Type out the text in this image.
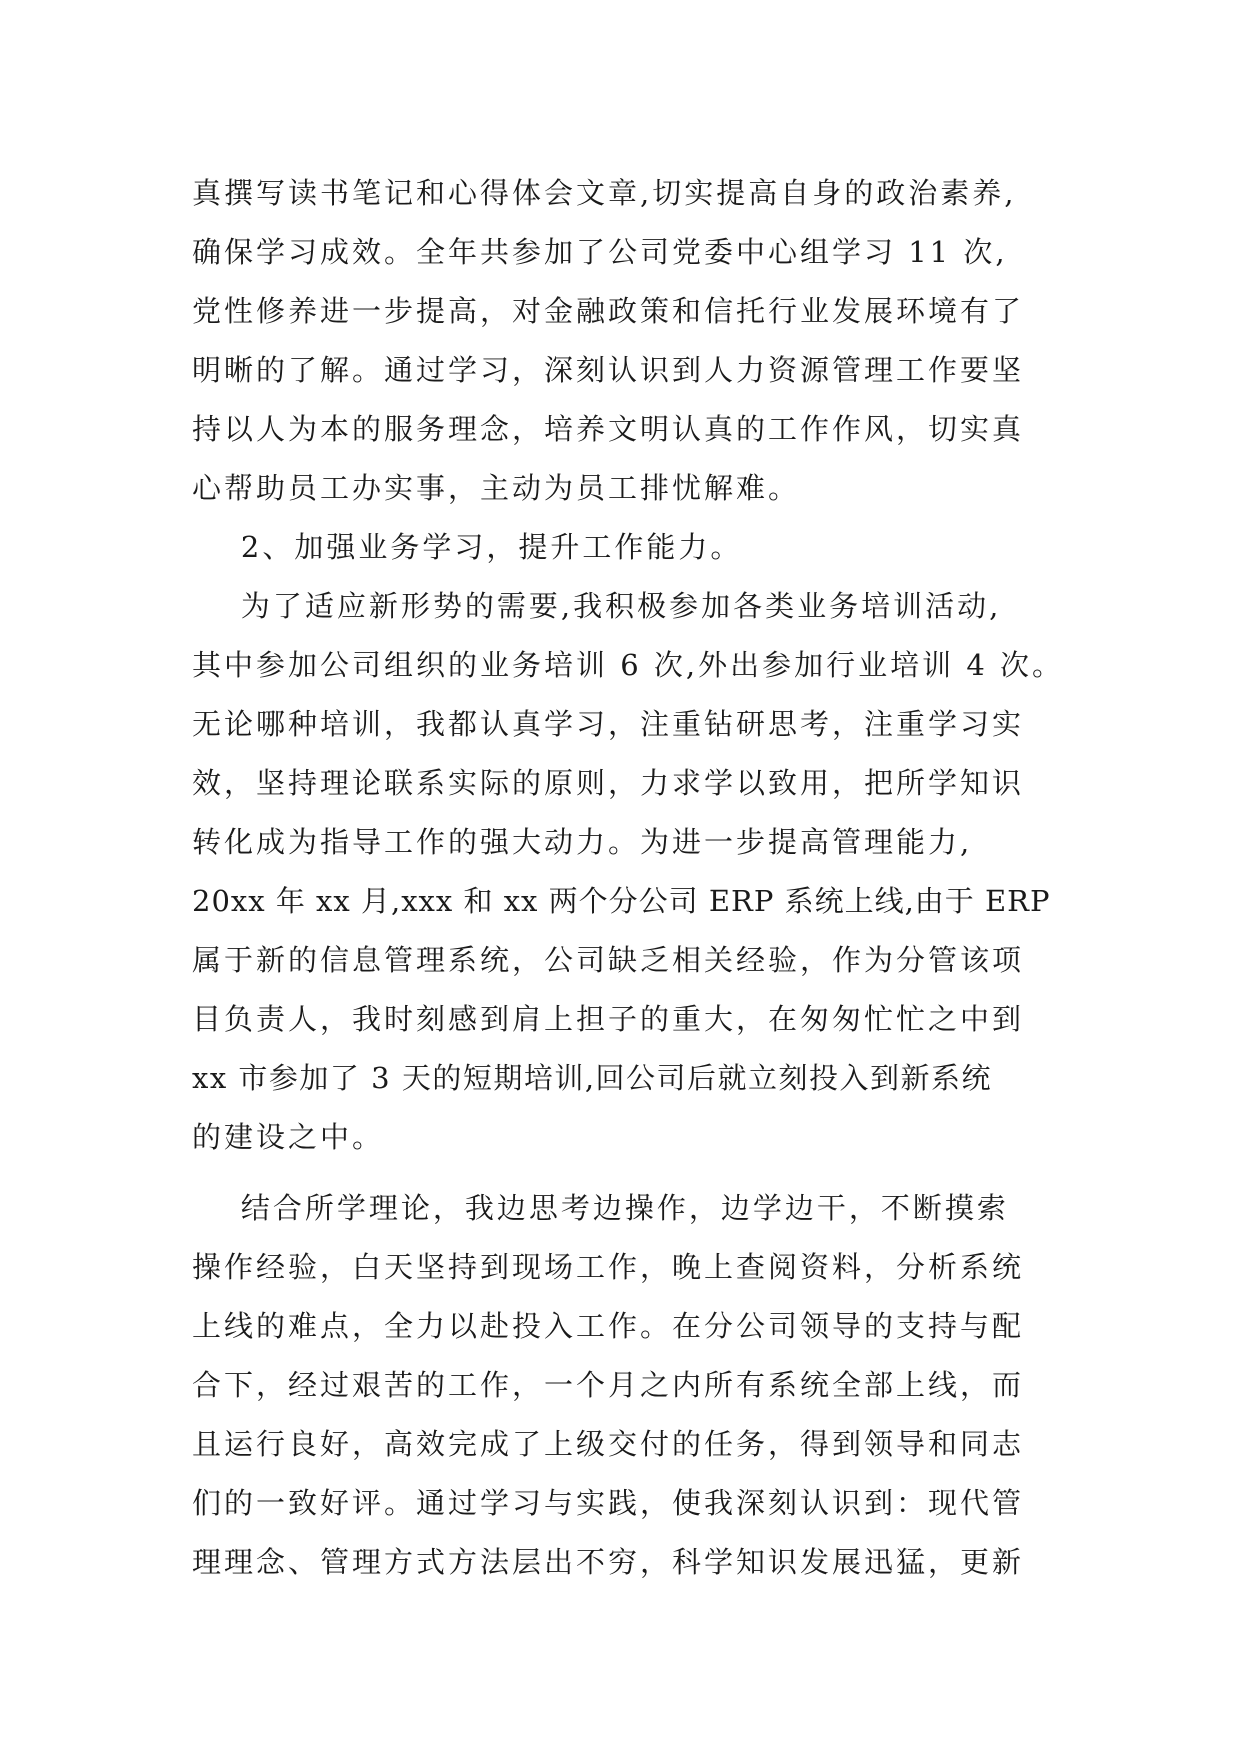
真撰写读书笔记和心得体会文章,切实提高自身的政治素养,
确保学习成效。全年共参加了公司党委中心组学习 11 次,
党性修养进一步提高，对金融政策和信托行业发展环境有了
明晰的了解。通过学习，深刻认识到人力资源管理工作要坚
持以人为本的服务理念，培养文明认真的工作作风，切实真
心帮助员工办实事，主动为员工排忧解难。
2、加强业务学习，提升工作能力。
为了适应新形势的需要,我积极参加各类业务培训活动,
其中参加公司组织的业务培训 6 次,外出参加行业培训 4 次。
无论哪种培训，我都认真学习，注重钻研思考，注重学习实
效，坚持理论联系实际的原则，力求学以致用，把所学知识
转化成为指导工作的强大动力。为进一步提高管理能力,
20xx 年 xx 月,xxx 和 xx 两个分公司 ERP 系统上线,由于 ERP
属于新的信息管理系统，公司缺乏相关经验，作为分管该项
目负责人，我时刻感到肩上担子的重大，在匆匆忙忙之中到
xx 市参加了 3 天的短期培训,回公司后就立刻投入到新系统
的建设之中。
结合所学理论，我边思考边操作，边学边干，不断摸索
操作经验，白天坚持到现场工作，晚上查阅资料，分析系统
上线的难点，全力以赴投入工作。在分公司领导的支持与配
合下，经过艰苦的工作，一个月之内所有系统全部上线，而
且运行良好，高效完成了上级交付的任务，得到领导和同志
们的一致好评。通过学习与实践，使我深刻认识到：现代管
理理念、管理方式方法层出不穷，科学知识发展迅猛，更新
